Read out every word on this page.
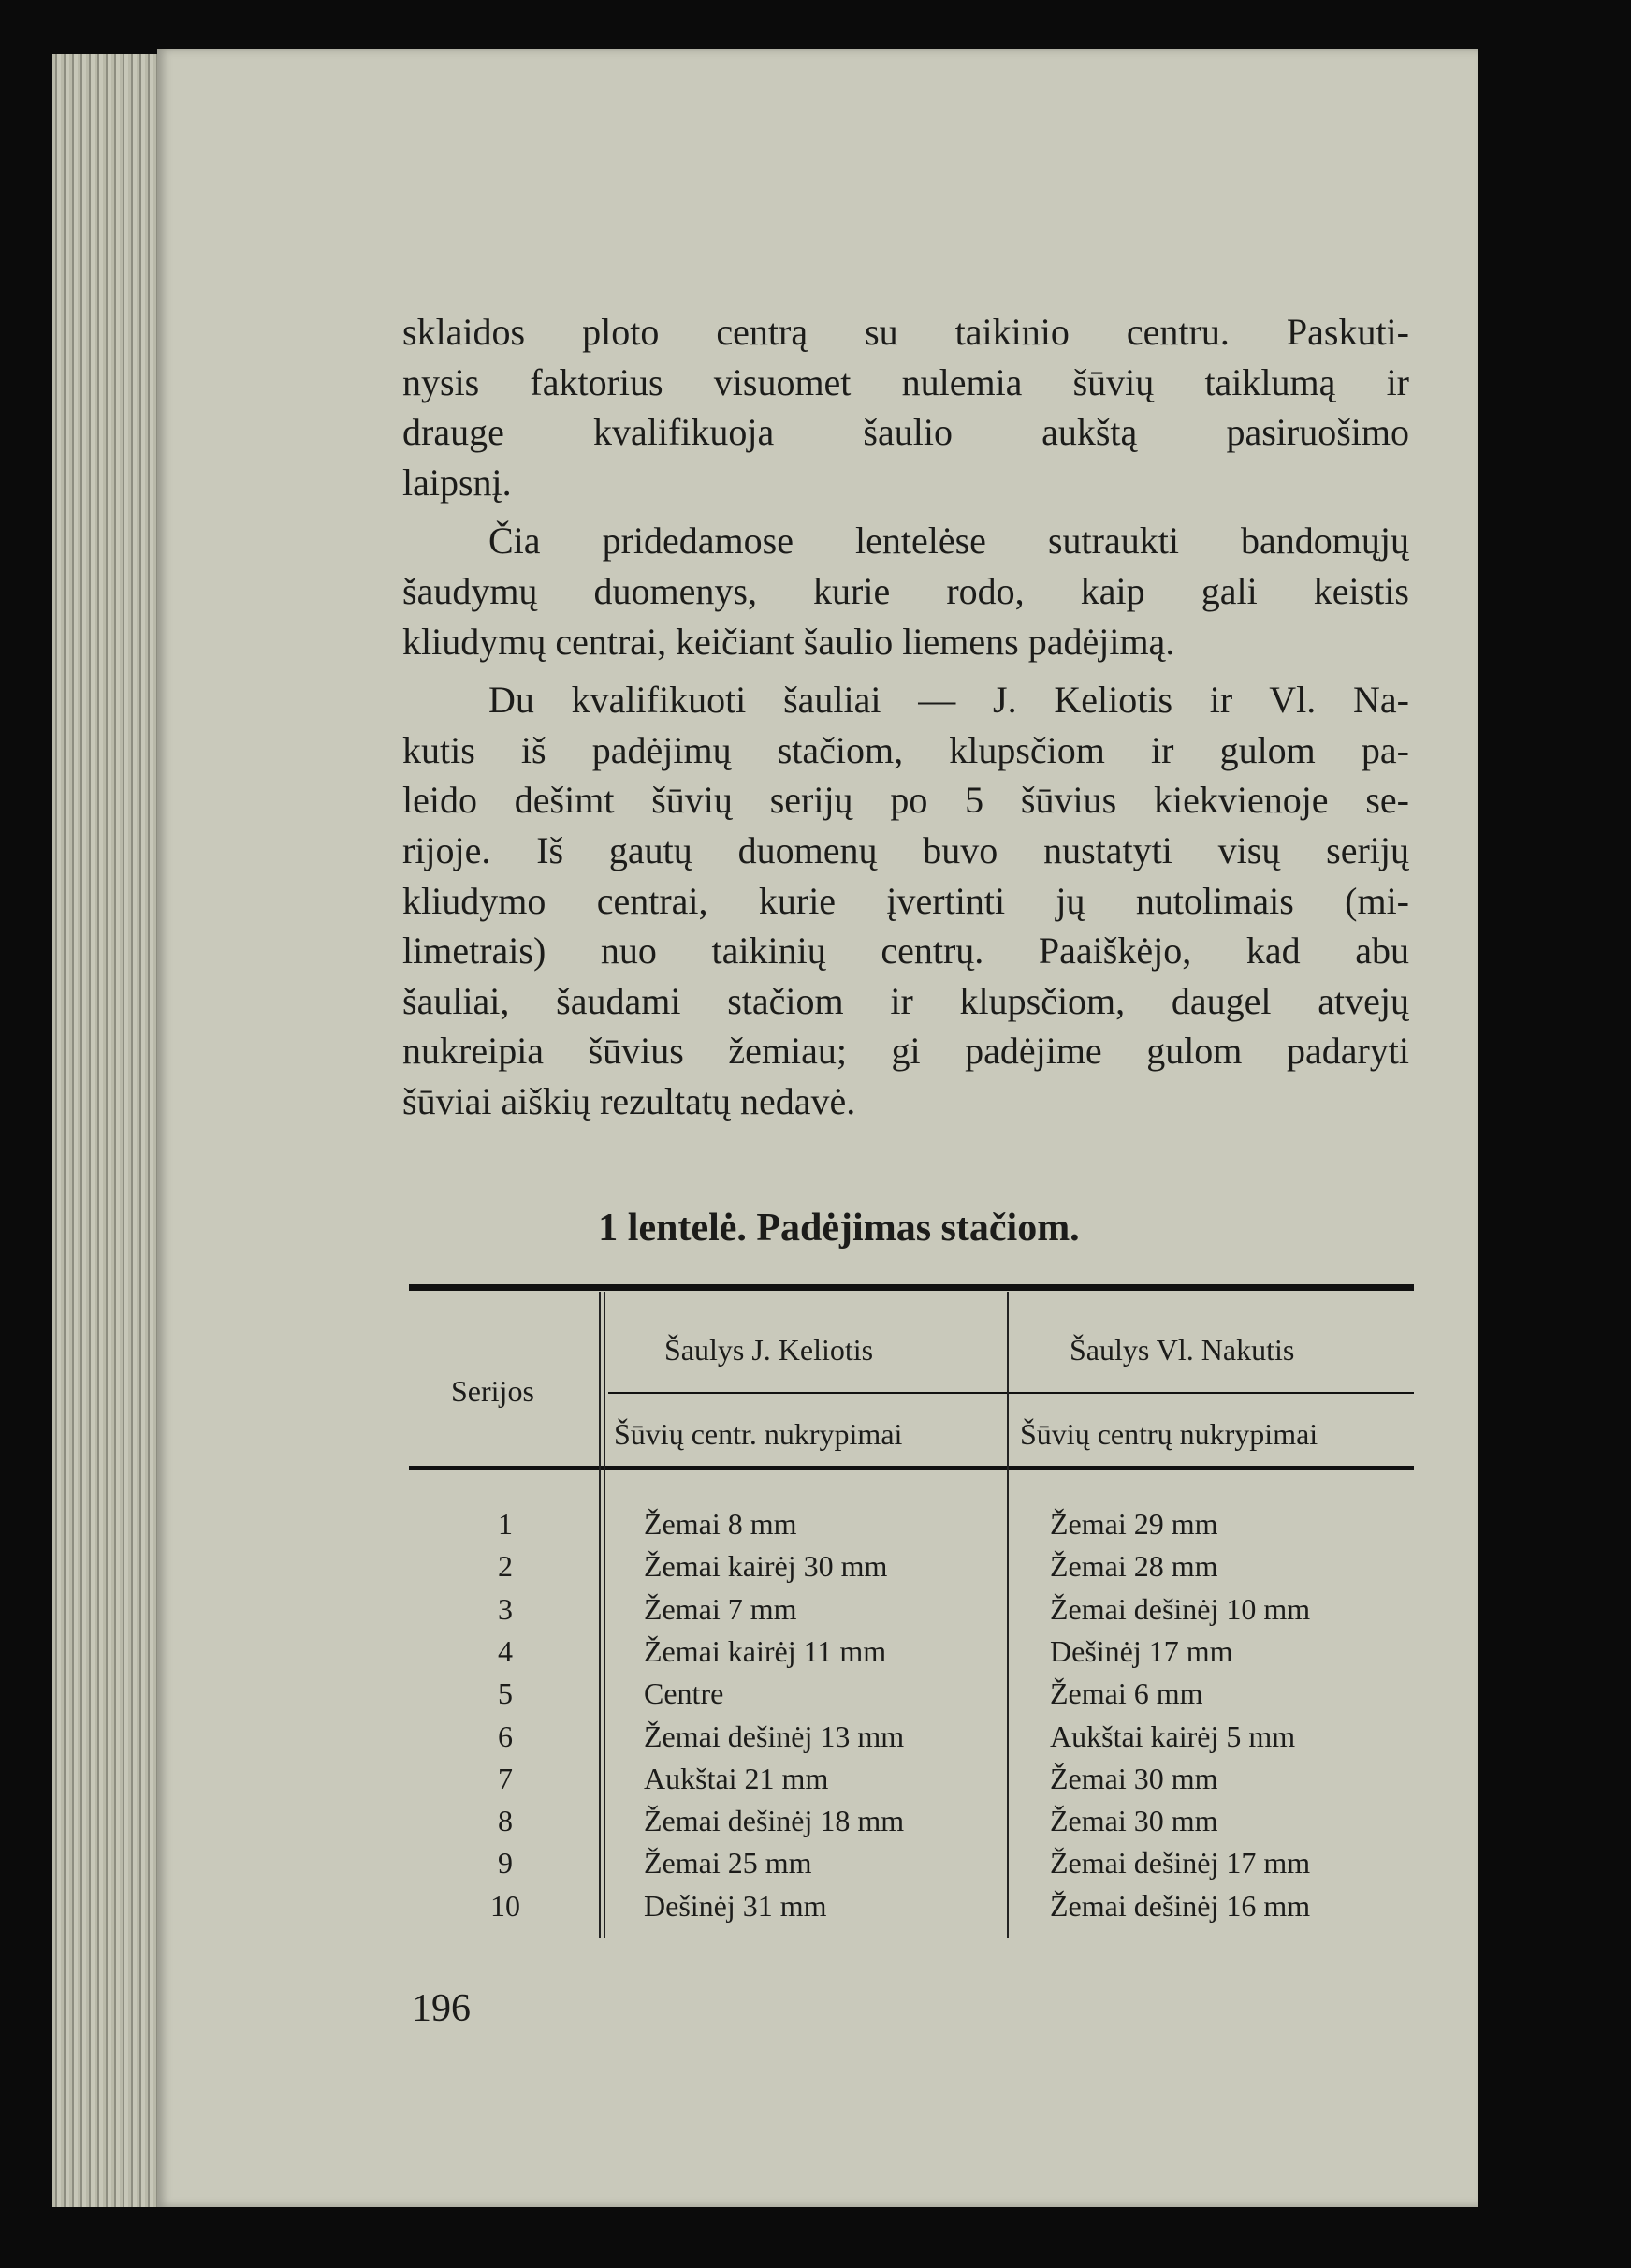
sklaidos ploto centrą su taikinio centru. Paskuti-
nysis faktorius visuomet nulemia šūvių taiklumą ir
drauge kvalifikuoja šaulio aukštą pasiruošimo
laipsnį.
Čia pridedamose lentelėse sutraukti bandomųjų
šaudymų duomenys, kurie rodo, kaip gali keistis
kliudymų centrai, keičiant šaulio liemens padėjimą.
Du kvalifikuoti šauliai — J. Keliotis ir Vl. Na-
kutis iš padėjimų stačiom, klupsčiom ir gulom pa-
leido dešimt šūvių serijų po 5 šūvius kiekvienoje se-
rijoje. Iš gautų duomenų buvo nustatyti visų serijų
kliudymo centrai, kurie įvertinti jų nutolimais (mi-
limetrais) nuo taikinių centrų. Paaiškėjo, kad abu
šauliai, šaudami stačiom ir klupsčiom, daugel atvejų
nukreipia šūvius žemiau; gi padėjime gulom padaryti
šūviai aiškių rezultatų nedavė.
1 lentelė. Padėjimas stačiom.
Serijos
Šaulys J. Keliotis	Šaulys Vl. Nakutis
Šūvių centr. nukrypimai	Šūvių centrų nukrypimai
1	Žemai 8 mm	Žemai 29 mm
2	Žemai kairėj 30 mm	Žemai 28 mm
3	Žemai 7 mm	Žemai dešinėj 10 mm
4	Žemai kairėj 11 mm	Dešinėj 17 mm
5	Centre	Žemai 6 mm
6	Žemai dešinėj 13 mm	Aukštai kairėj 5 mm
7	Aukštai 21 mm	Žemai 30 mm
8	Žemai dešinėj 18 mm	Žemai 30 mm
9	Žemai 25 mm	Žemai dešinėj 17 mm
10	Dešinėj 31 mm	Žemai dešinėj 16 mm
196
